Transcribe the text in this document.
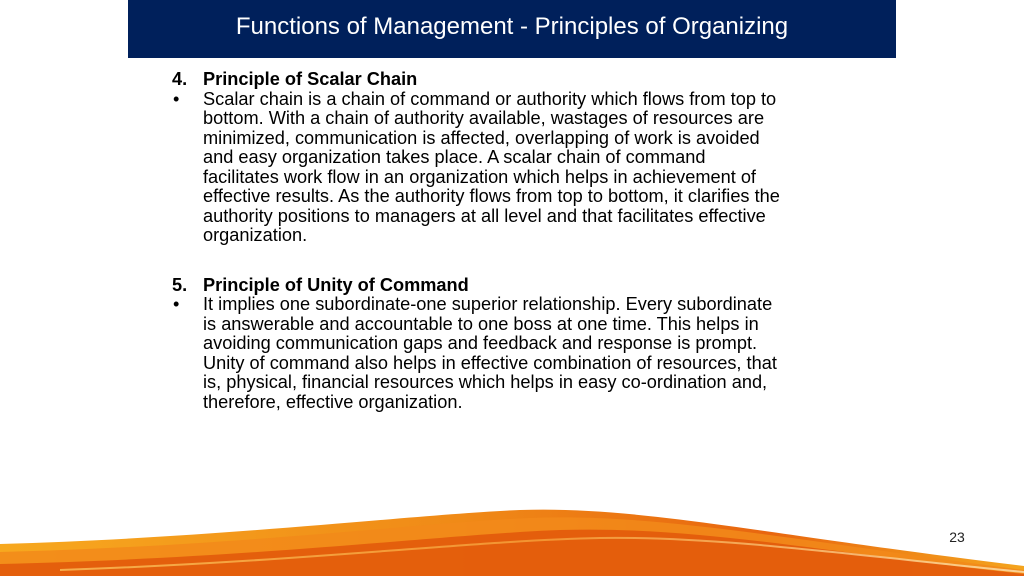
Functions of Management - Principles of Organizing
4. Principle of Scalar Chain
• Scalar chain is a chain of command or authority which flows from top to
bottom. With a chain of authority available, wastages of resources are
minimized, communication is affected, overlapping of work is avoided
and easy organization takes place. A scalar chain of command
facilitates work flow in an organization which helps in achievement of
effective results. As the authority flows from top to bottom, it clarifies the
authority positions to managers at all level and that facilitates effective
organization.
5. Principle of Unity of Command
• It implies one subordinate-one superior relationship. Every subordinate
is answerable and accountable to one boss at one time. This helps in
avoiding communication gaps and feedback and response is prompt.
Unity of command also helps in effective combination of resources, that
is, physical, financial resources which helps in easy co-ordination and,
therefore, effective organization.
23
